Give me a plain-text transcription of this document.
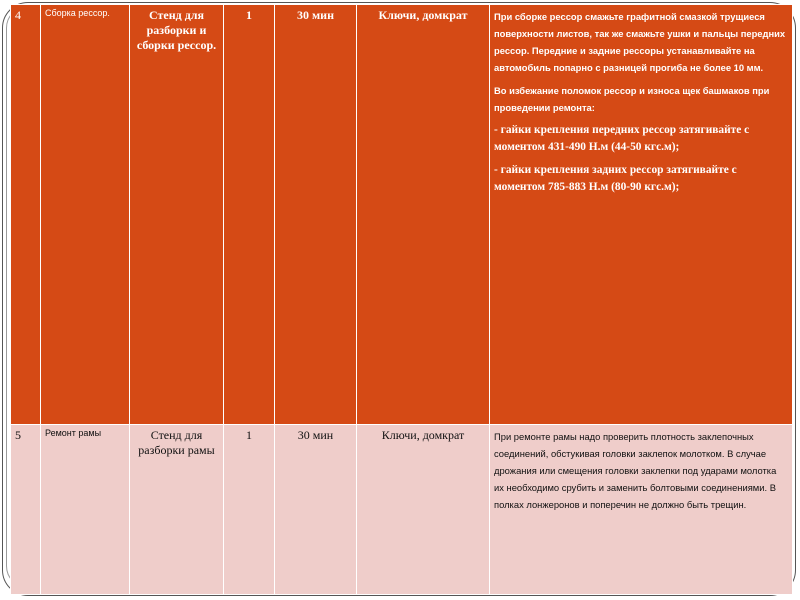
4	Сборка рессор.	Стенд для разборки и сборки рессор.	1	30 мин	Ключи, домкрат	При сборке рессор смажьте графитной смазкой трущиеся поверхности листов, так же смажьте ушки и пальцы передних рессор. Передние и задние рессоры устанавливайте на автомобиль попарно с разницей прогиба не более 10 мм.

Во избежание поломок рессор и износа щек башмаков при проведении ремонта:

- гайки крепления передних рессор затягивайте с моментом 431-490 Н.м (44-50 кгс.м);

- гайки крепления задних рессор затягивайте с моментом 785-883 Н.м (80-90 кгс.м);

5	Ремонт рамы	Стенд для разборки рамы	1	30 мин	Ключи, домкрат	При ремонте рамы надо проверить плотность заклепочных соединений, обстукивая головки заклепок молотком. В случае дрожания или смещения головки заклепки под ударами молотка их необходимо срубить и заменить болтовыми соединениями. В полках лонжеронов и поперечин не должно быть трещин.
